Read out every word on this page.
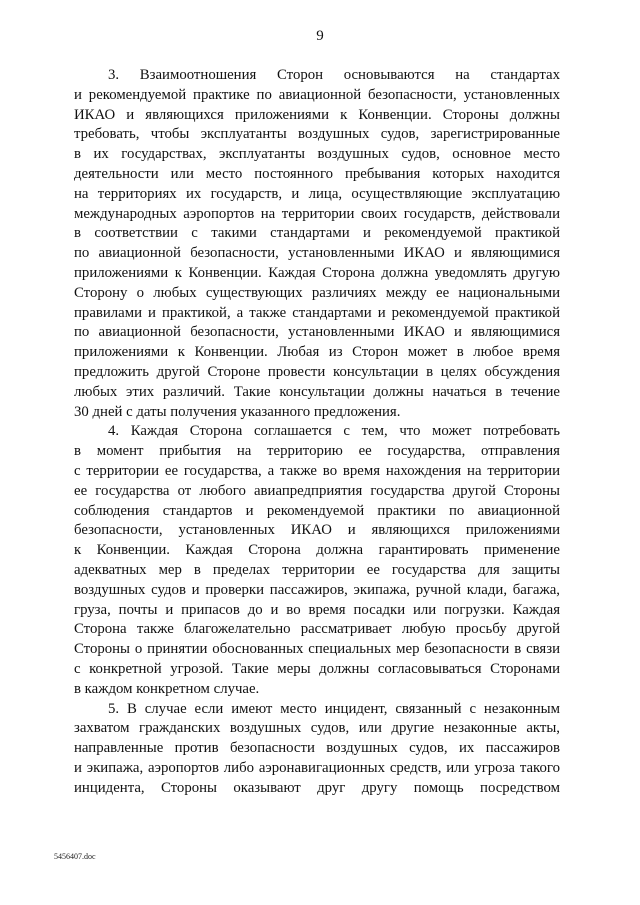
9
3. Взаимоотношения Сторон основываются на стандартах
и рекомендуемой практике по авиационной безопасности, установленных
ИКАО и являющихся приложениями к Конвенции. Стороны должны
требовать, чтобы эксплуатанты воздушных судов, зарегистрированные
в их государствах, эксплуатанты воздушных судов, основное место
деятельности или место постоянного пребывания которых находится
на территориях их государств, и лица, осуществляющие эксплуатацию
международных аэропортов на территории своих государств, действовали
в соответствии с такими стандартами и рекомендуемой практикой
по авиационной безопасности, установленными ИКАО и являющимися
приложениями к Конвенции. Каждая Сторона должна уведомлять другую
Сторону о любых существующих различиях между ее национальными
правилами и практикой, а также стандартами и рекомендуемой практикой
по авиационной безопасности, установленными ИКАО и являющимися
приложениями к Конвенции. Любая из Сторон может в любое время
предложить другой Стороне провести консультации в целях обсуждения
любых этих различий. Такие консультации должны начаться в течение
30 дней с даты получения указанного предложения.
4. Каждая Сторона соглашается с тем, что может потребовать
в момент прибытия на территорию ее государства, отправления
с территории ее государства, а также во время нахождения на территории
ее государства от любого авиапредприятия государства другой Стороны
соблюдения стандартов и рекомендуемой практики по авиационной
безопасности, установленных ИКАО и являющихся приложениями
к Конвенции. Каждая Сторона должна гарантировать применение
адекватных мер в пределах территории ее государства для защиты
воздушных судов и проверки пассажиров, экипажа, ручной клади, багажа,
груза, почты и припасов до и во время посадки или погрузки. Каждая
Сторона также благожелательно рассматривает любую просьбу другой
Стороны о принятии обоснованных специальных мер безопасности в связи
с конкретной угрозой. Такие меры должны согласовываться Сторонами
в каждом конкретном случае.
5. В случае если имеют место инцидент, связанный с незаконным
захватом гражданских воздушных судов, или другие незаконные акты,
направленные против безопасности воздушных судов, их пассажиров
и экипажа, аэропортов либо аэронавигационных средств, или угроза такого
инцидента, Стороны оказывают друг другу помощь посредством
5456407.doc
